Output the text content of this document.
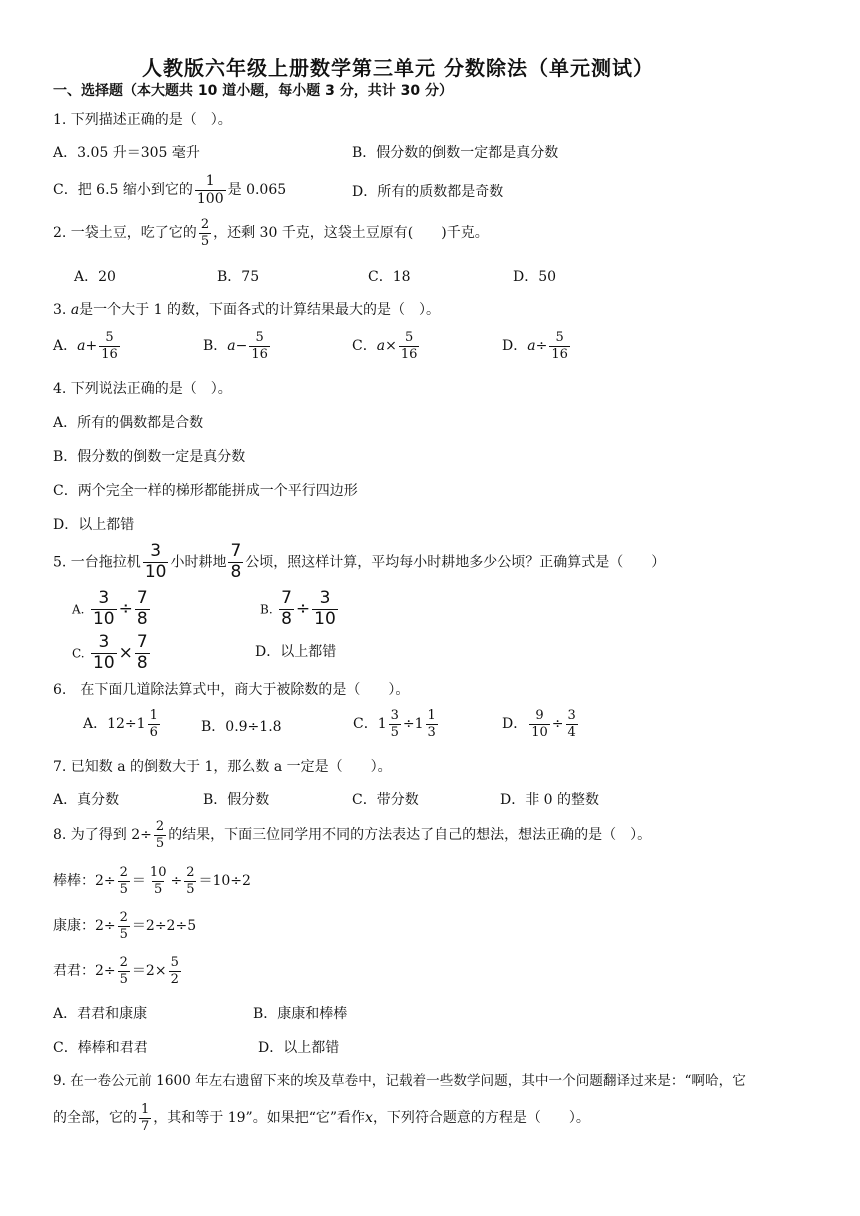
人教版六年级上册数学第三单元 分数除法（单元测试）
一、选择题（本大题共 10 道小题，每小题 3 分，共计 30 分）
1. 下列描述正确的是（　）。
A．3.05 升＝305 毫升	B．假分数的倒数一定都是真分数
C．把 6.5 缩小到它的 $\frac{1}{100}$ 是 0.065	D．所有的质数都是奇数
2. 一袋土豆，吃了它的 $\frac{2}{5}$ ，还剩 30 千克，这袋土豆原有(　　)千克。
A．20	B．75	C．18	D．50
3. a是一个大于 1 的数，下面各式的计算结果最大的是（　）。
A．$a+ \frac{5}{16}$	B．$a- \frac{5}{16}$	C．$a\times \frac{5}{16}$	D．$a\div \frac{5}{16}$
4. 下列说法正确的是（　）。
A．所有的偶数都是合数
B．假分数的倒数一定是真分数
C．两个完全一样的梯形都能拼成一个平行四边形
D．以上都错
5. 一台拖拉机 $\frac{3}{10}$ 小时耕地 $\frac{7}{8}$ 公顷，照这样计算，平均每小时耕地多少公顷？正确算式是（　　）
A. $\frac{3}{10} \div \frac{7}{8}$	B. $\frac{7}{8} \div \frac{3}{10}$
C. $\frac{3}{10} \times \frac{7}{8}$	D．以上都错
6.　在下面几道除法算式中，商大于被除数的是（　　）。
A．$12\div 1 \frac{1}{6}$	B．0.9÷1.8	C．$1 \frac{3}{5} \div 1 \frac{1}{3}$	D． $\frac{9}{10} \div \frac{3}{4}$
7. 已知数 a 的倒数大于 1，那么数 a 一定是（　　）。
A．真分数	B．假分数	C．带分数	D．非 0 的整数
8. 为了得到 $2\div \frac{2}{5}$ 的结果，下面三位同学用不同的方法表达了自己的想法，想法正确的是（　）。
棒棒：$2\div \frac{2}{5} = \frac{10}{5} \div \frac{2}{5} =10\div 2$
康康：$2\div \frac{2}{5} =2\div 2\div 5$
君君：$2\div \frac{2}{5} =2\times \frac{5}{2}$
A．君君和康康	B．康康和棒棒
C．棒棒和君君	D．以上都错
9. 在一卷公元前 1600 年左右遗留下来的埃及草卷中，记载着一些数学问题，其中一个问题翻译过来是：“啊哈，它
的全部，它的 $\frac{1}{7}$ ，其和等于 19”。如果把“它”看作x，下列符合题意的方程是（　　）。
